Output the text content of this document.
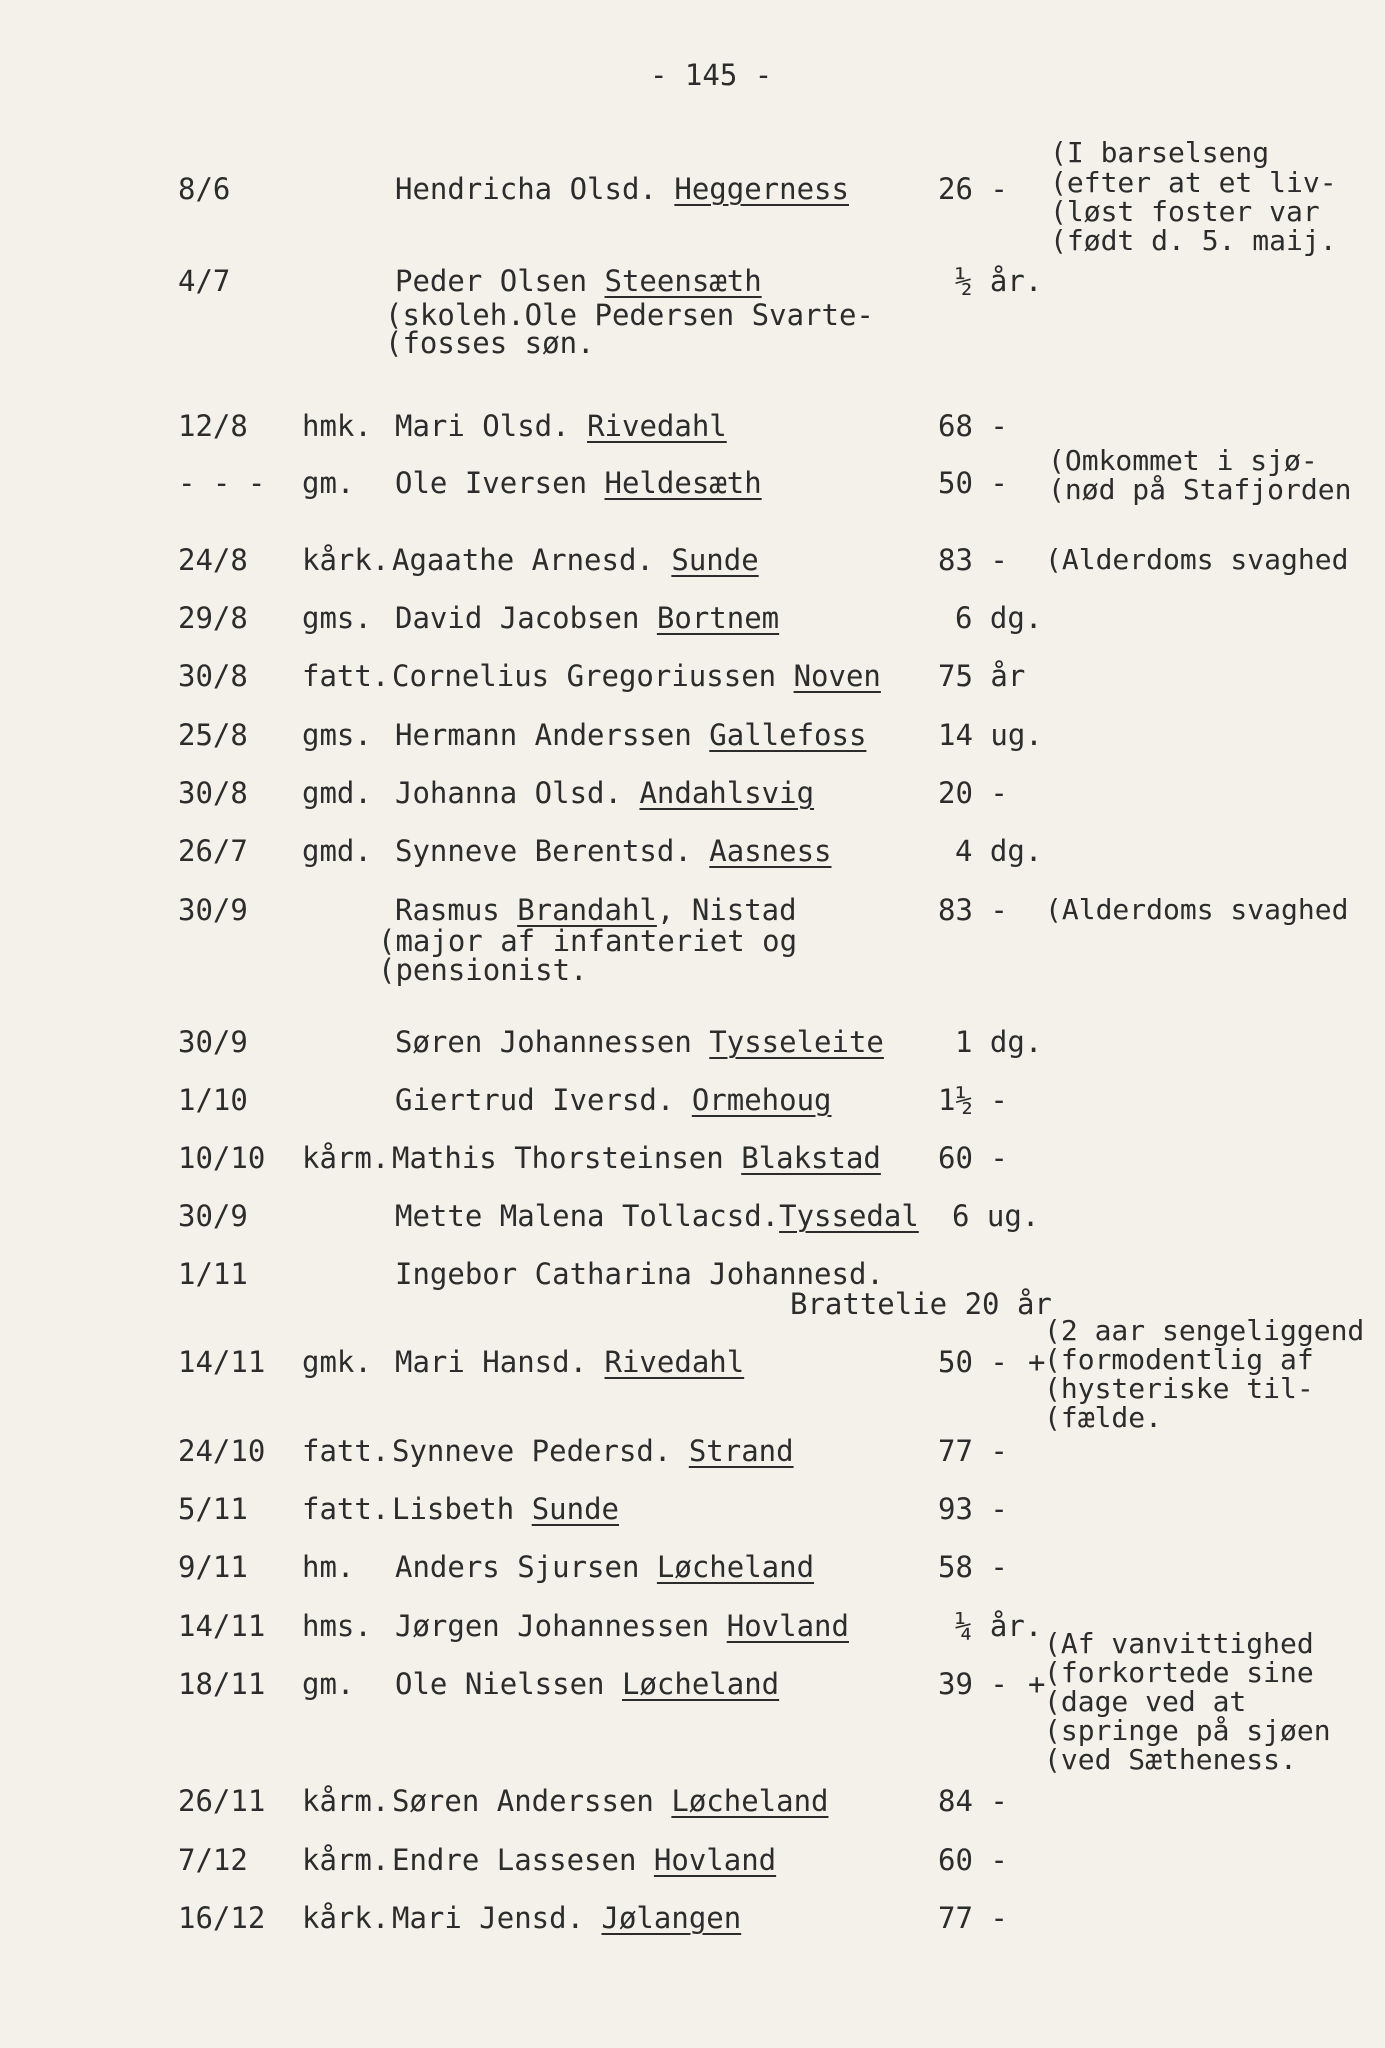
- 145 -
8/6	Hendricha Olsd. Heggerness	26 -
(I barselseng
(efter at et liv-
(løst foster var
(født d. 5. maij.
4/7	Peder Olsen Steensæth	½ år.
(skoleh.Ole Pedersen Svarte-
(fosses søn.
12/8 hmk. Mari Olsd. Rivedahl	68 -
- - - gm. Ole Iversen Heldesæth	50 -
(Omkommet i sjø-
(nød på Stafjorden
24/8 kårk. Agaathe Arnesd. Sunde	83 - (Alderdoms svaghed
29/8 gms. David Jacobsen Bortnem	6 dg.
30/8 fatt. Cornelius Gregoriussen Noven 75 år
25/8 gms. Hermann Anderssen Gallefoss 14 ug.
30/8 gmd. Johanna Olsd. Andahlsvig	20 -
26/7 gmd. Synneve Berentsd. Aasness	4 dg.
30/9	Rasmus Brandahl, Nistad	83 -
(major af infanteriet og
(pensionist.
(Alderdoms svaghed
30/9	Søren Johannessen Tysseleite 1 dg.
1/10	Giertrud Iversd. Ormehoug	1½ -
10/10 kårm. Mathis Thorsteinsen Blakstad 60 -
30/9	Mette Malena Tollacsd.Tyssedal 6 ug.
1/11	Ingebor Catharina Johannesd.
Brattelie 20 år
14/11 gmk. Mari Hansd. Rivedahl	50 - +
(2 aar sengeliggend
(formodentlig af
(hysteriske til-
(fælde.
24/10 fatt. Synneve Pedersd. Strand	77 -
5/11 fatt. Lisbeth Sunde	93 -
9/11 hm. Anders Sjursen Løcheland	58 -
14/11 hms. Jørgen Johannessen Hovland	¼ år.
18/11 gm. Ole Nielssen Løcheland	39 - +
(Af vanvittighed
(forkortede sine
(dage ved at
(springe på sjøen
(ved Sætheness.
26/11 kårm. Søren Anderssen Løcheland	84 -
7/12 kårm. Endre Lassesen Hovland	60 -
16/12 kårk. Mari Jensd. Jølangen	77 -
